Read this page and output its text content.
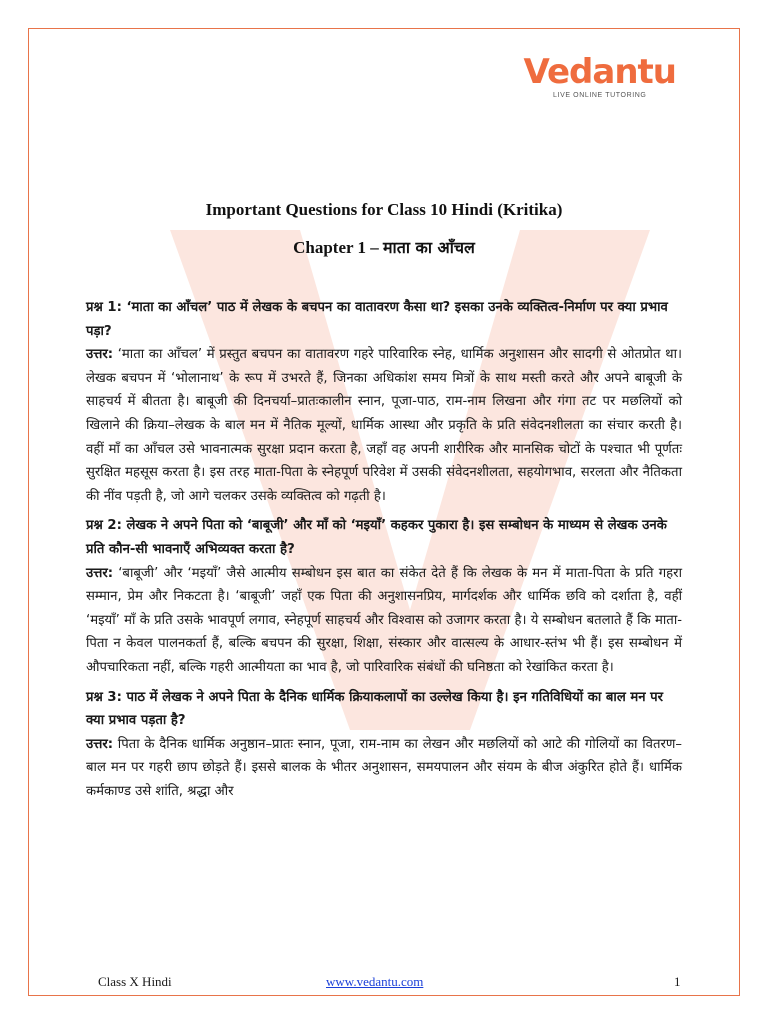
Vedantu
LIVE ONLINE TUTORING
Important Questions for Class 10 Hindi (Kritika)
Chapter 1 – माता का आँचल

प्रश्न 1: ‘माता का आँचल’ पाठ में लेखक के बचपन का वातावरण कैसा था? इसका उनके व्यक्तित्व-निर्माण पर क्या प्रभाव पड़ा?

उत्तर: ‘माता का आँचल’ में प्रस्तुत बचपन का वातावरण गहरे पारिवारिक स्नेह, धार्मिक अनुशासन और सादगी से ओतप्रोत था। लेखक बचपन में ‘भोलानाथ’ के रूप में उभरते हैं, जिनका अधिकांश समय मित्रों के साथ मस्ती करते और अपने बाबूजी के साहचर्य में बीतता है। बाबूजी की दिनचर्या–प्रातःकालीन स्नान, पूजा-पाठ, राम-नाम लिखना और गंगा तट पर मछलियों को खिलाने की क्रिया–लेखक के बाल मन में नैतिक मूल्यों, धार्मिक आस्था और प्रकृति के प्रति संवेदनशीलता का संचार करती है। वहीं माँ का आँचल उसे भावनात्मक सुरक्षा प्रदान करता है, जहाँ वह अपनी शारीरिक और मानसिक चोटों के पश्चात भी पूर्णतः सुरक्षित महसूस करता है। इस तरह माता-पिता के स्नेहपूर्ण परिवेश में उसकी संवेदनशीलता, सहयोगभाव, सरलता और नैतिकता की नींव पड़ती है, जो आगे चलकर उसके व्यक्तित्व को गढ़ती है।

प्रश्न 2: लेखक ने अपने पिता को ‘बाबूजी’ और माँ को ‘मइयाँ’ कहकर पुकारा है। इस सम्बोधन के माध्यम से लेखक उनके प्रति कौन-सी भावनाएँ अभिव्यक्त करता है?

उत्तर: ‘बाबूजी’ और ‘मइयाँ’ जैसे आत्मीय सम्बोधन इस बात का संकेत देते हैं कि लेखक के मन में माता-पिता के प्रति गहरा सम्मान, प्रेम और निकटता है। ‘बाबूजी’ जहाँ एक पिता की अनुशासनप्रिय, मार्गदर्शक और धार्मिक छवि को दर्शाता है, वहीं ‘मइयाँ’ माँ के प्रति उसके भावपूर्ण लगाव, स्नेहपूर्ण साहचर्य और विश्वास को उजागर करता है। ये सम्बोधन बतलाते हैं कि माता-पिता न केवल पालनकर्ता हैं, बल्कि बचपन की सुरक्षा, शिक्षा, संस्कार और वात्सल्य के आधार-स्तंभ भी हैं। इस सम्बोधन में औपचारिकता नहीं, बल्कि गहरी आत्मीयता का भाव है, जो पारिवारिक संबंधों की घनिष्ठता को रेखांकित करता है।

प्रश्न 3: पाठ में लेखक ने अपने पिता के दैनिक धार्मिक क्रियाकलापों का उल्लेख किया है। इन गतिविधियों का बाल मन पर क्या प्रभाव पड़ता है?

उत्तर: पिता के दैनिक धार्मिक अनुष्ठान–प्रातः स्नान, पूजा, राम-नाम का लेखन और मछलियों को आटे की गोलियों का वितरण–बाल मन पर गहरी छाप छोड़ते हैं। इससे बालक के भीतर अनुशासन, समयपालन और संयम के बीज अंकुरित होते हैं। धार्मिक कर्मकाण्ड उसे शांति, श्रद्धा और

Class X Hindi	www.vedantu.com	1
